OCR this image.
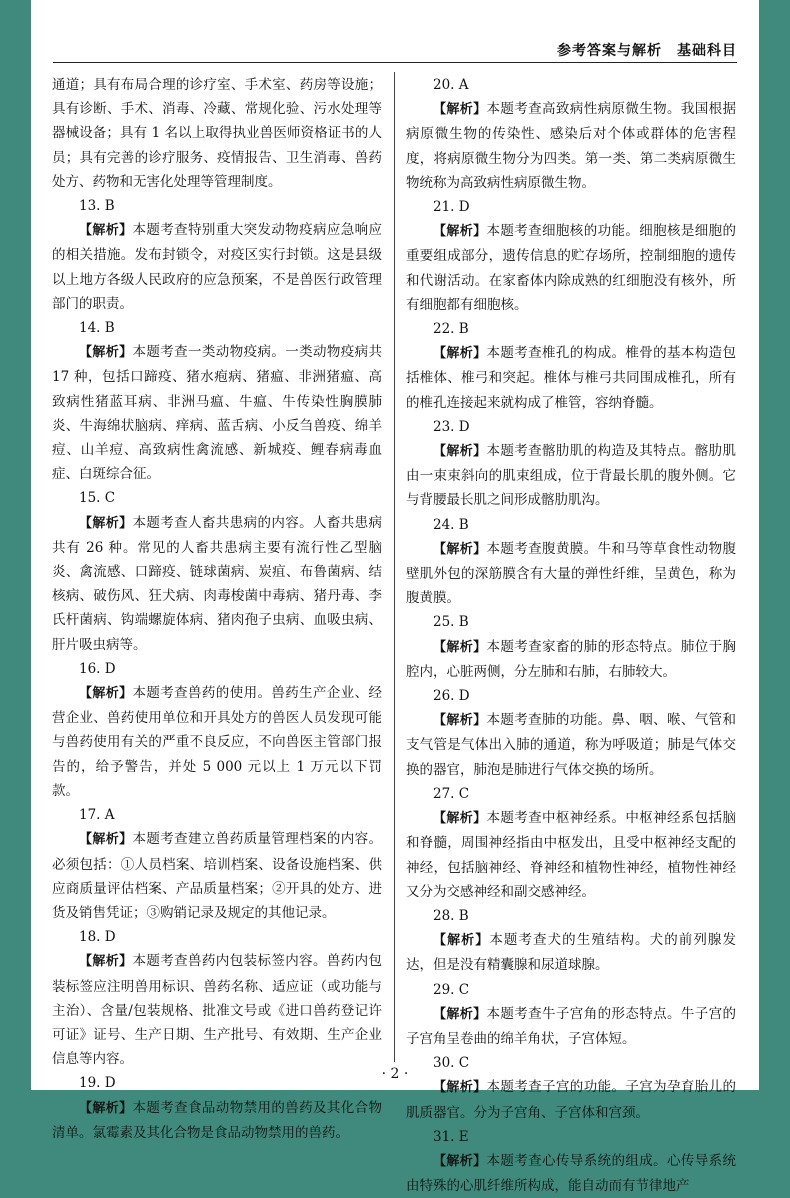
参考答案与解析　基础科目

通道；具有布局合理的诊疗室、手术室、药房等设施；具有诊断、手术、消毒、冷藏、常规化验、污水处理等器械设备；具有 1 名以上取得执业兽医师资格证书的人员；具有完善的诊疗服务、疫情报告、卫生消毒、兽药处方、药物和无害化处理等管理制度。

13. B

【解析】本题考查特别重大突发动物疫病应急响应的相关措施。发布封锁令，对疫区实行封锁。这是县级以上地方各级人民政府的应急预案，不是兽医行政管理部门的职责。

14. B

【解析】本题考查一类动物疫病。一类动物疫病共 17 种，包括口蹄疫、猪水疱病、猪瘟、非洲猪瘟、高致病性猪蓝耳病、非洲马瘟、牛瘟、牛传染性胸膜肺炎、牛海绵状脑病、痒病、蓝舌病、小反刍兽疫、绵羊痘、山羊痘、高致病性禽流感、新城疫、鲤春病毒血症、白斑综合征。

15. C

【解析】本题考查人畜共患病的内容。人畜共患病共有 26 种。常见的人畜共患病主要有流行性乙型脑炎、禽流感、口蹄疫、链球菌病、炭疽、布鲁菌病、结核病、破伤风、狂犬病、肉毒梭菌中毒病、猪丹毒、李氏杆菌病、钩端螺旋体病、猪肉孢子虫病、血吸虫病、肝片吸虫病等。

16. D

【解析】本题考查兽药的使用。兽药生产企业、经营企业、兽药使用单位和开具处方的兽医人员发现可能与兽药使用有关的严重不良反应，不向兽医主管部门报告的，给予警告，并处 5 000 元以上 1 万元以下罚款。

17. A

【解析】本题考查建立兽药质量管理档案的内容。必须包括：①人员档案、培训档案、设备设施档案、供应商质量评估档案、产品质量档案；②开具的处方、进货及销售凭证；③购销记录及规定的其他记录。

18. D

【解析】本题考查兽药内包装标签内容。兽药内包装标签应注明兽用标识、兽药名称、适应证（或功能与主治）、含量/包装规格、批准文号或《进口兽药登记许可证》证号、生产日期、生产批号、有效期、生产企业信息等内容。

19. D

【解析】本题考查食品动物禁用的兽药及其化合物清单。氯霉素及其化合物是食品动物禁用的兽药。

20. A

【解析】本题考查高致病性病原微生物。我国根据病原微生物的传染性、感染后对个体或群体的危害程度，将病原微生物分为四类。第一类、第二类病原微生物统称为高致病性病原微生物。

21. D

【解析】本题考查细胞核的功能。细胞核是细胞的重要组成部分，遗传信息的贮存场所，控制细胞的遗传和代谢活动。在家畜体内除成熟的红细胞没有核外，所有细胞都有细胞核。

22. B

【解析】本题考查椎孔的构成。椎骨的基本构造包括椎体、椎弓和突起。椎体与椎弓共同围成椎孔，所有的椎孔连接起来就构成了椎管，容纳脊髓。

23. D

【解析】本题考查髂肋肌的构造及其特点。髂肋肌由一束束斜向的肌束组成，位于背最长肌的腹外侧。它与背腰最长肌之间形成髂肋肌沟。

24. B

【解析】本题考查腹黄膜。牛和马等草食性动物腹壁肌外包的深筋膜含有大量的弹性纤维，呈黄色，称为腹黄膜。

25. B

【解析】本题考查家畜的肺的形态特点。肺位于胸腔内，心脏两侧，分左肺和右肺，右肺较大。

26. D

【解析】本题考查肺的功能。鼻、咽、喉、气管和支气管是气体出入肺的通道，称为呼吸道；肺是气体交换的器官，肺泡是肺进行气体交换的场所。

27. C

【解析】本题考查中枢神经系。中枢神经系包括脑和脊髓，周围神经指由中枢发出，且受中枢神经支配的神经，包括脑神经、脊神经和植物性神经，植物性神经又分为交感神经和副交感神经。

28. B

【解析】本题考查犬的生殖结构。犬的前列腺发达，但是没有精囊腺和尿道球腺。

29. C

【解析】本题考查牛子宫角的形态特点。牛子宫的子宫角呈卷曲的绵羊角状，子宫体短。

30. C

【解析】本题考查子宫的功能。子宫为孕育胎儿的肌质器官。分为子宫角、子宫体和宫颈。

31. E

【解析】本题考查心传导系统的组成。心传导系统由特殊的心肌纤维所构成，能自动而有节律地产

· 2 ·
